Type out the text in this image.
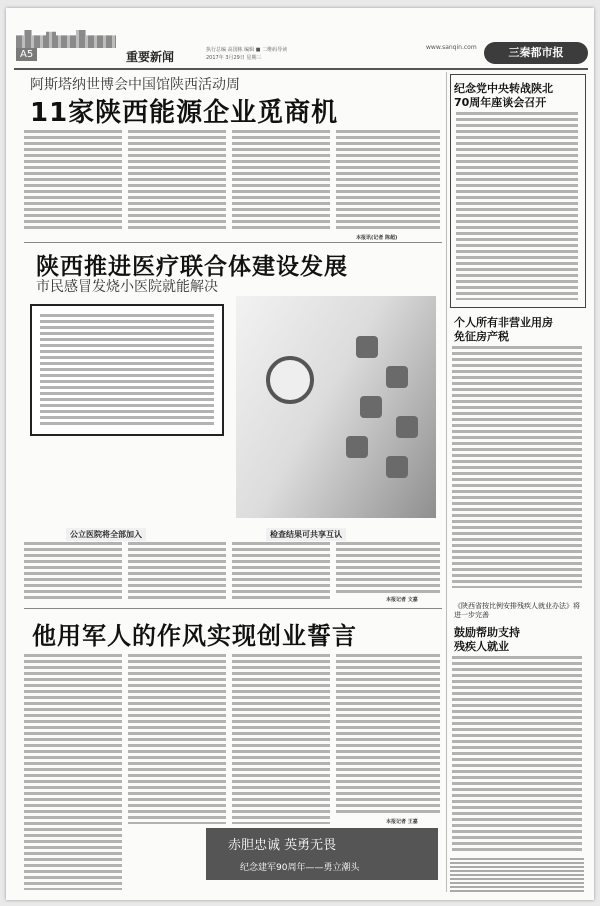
A5	重要新闻	执行总编 高国栋 编辑 ■ 二维码导读
2017年 3月29日 星期三
www.sanqin.com	三秦都市报
阿斯塔纳世博会中国馆陕西活动周
11家陕西能源企业觅商机
本报讯(记者 陈超)
陕西推进医疗联合体建设发展
市民感冒发烧小医院就能解决
公立医院将全部加入	检查结果可共享互认
本报记者 文嘉
他用军人的作风实现创业誓言
本报记者 王嘉
赤胆忠诚 英勇无畏
纪念建军90周年——勇立潮头
纪念党中央转战陕北
70周年座谈会召开
个人所有非营业用房
免征房产税
《陕西省按比例安排残疾人就业办法》将进一步完善
鼓励帮助支持
残疾人就业
